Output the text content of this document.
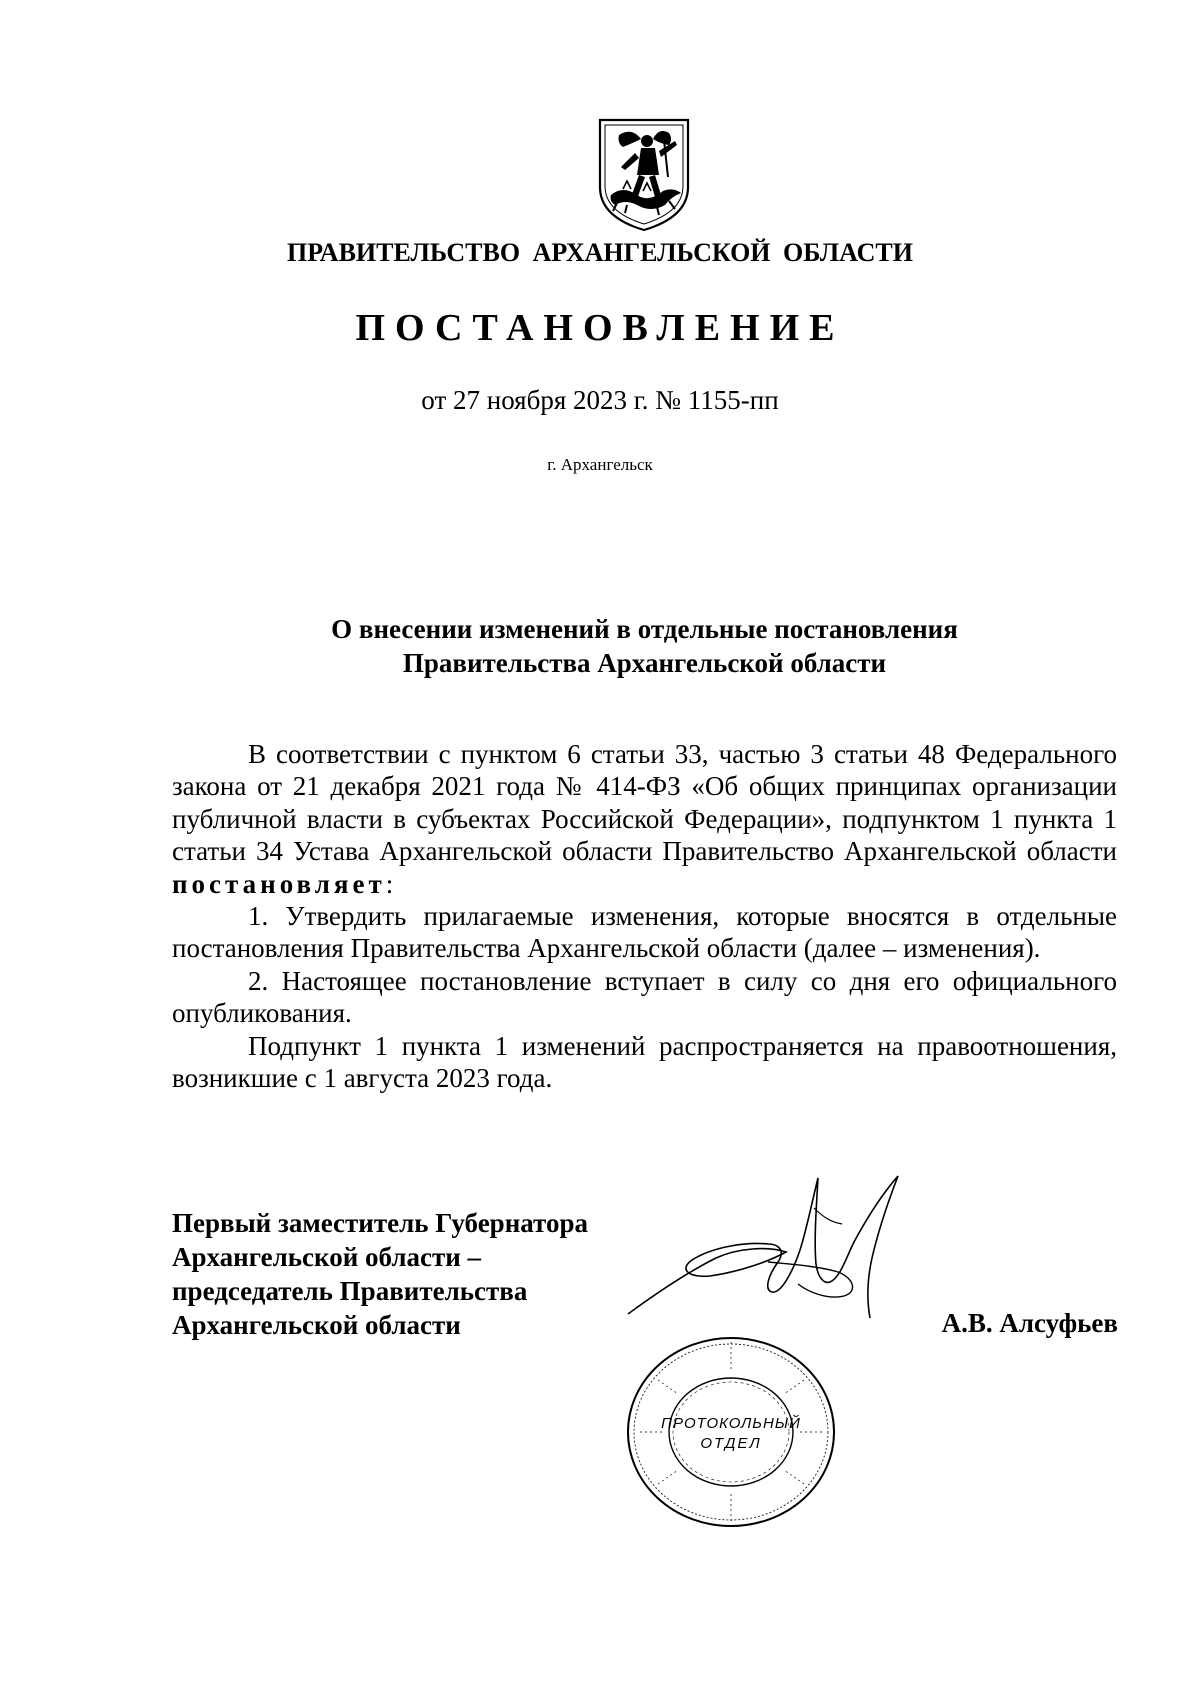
ПРАВИТЕЛЬСТВО АРХАНГЕЛЬСКОЙ ОБЛАСТИ
ПОСТАНОВЛЕНИЕ
от 27 ноября 2023 г. № 1155-пп
г. Архангельск
О внесении изменений в отдельные постановления
Правительства Архангельской области

В соответствии с пунктом 6 статьи 33, частью 3 статьи 48 Федерального закона от 21 декабря 2021 года № 414-ФЗ «Об общих принципах организации публичной власти в субъектах Российской Федерации», подпунктом 1 пункта 1 статьи 34 Устава Архангельской области Правительство Архангельской области постановляет:

1. Утвердить прилагаемые изменения, которые вносятся в отдельные постановления Правительства Архангельской области (далее – изменения).

2. Настоящее постановление вступает в силу со дня его официального опубликования.

Подпункт 1 пункта 1 изменений распространяется на правоотношения, возникшие с 1 августа 2023 года.

Первый заместитель Губернатора
Архангельской области –
председатель Правительства
Архангельской области	А.В. Алсуфьев
ПРОТОКОЛЬНЫЙ
ОТДЕЛ
